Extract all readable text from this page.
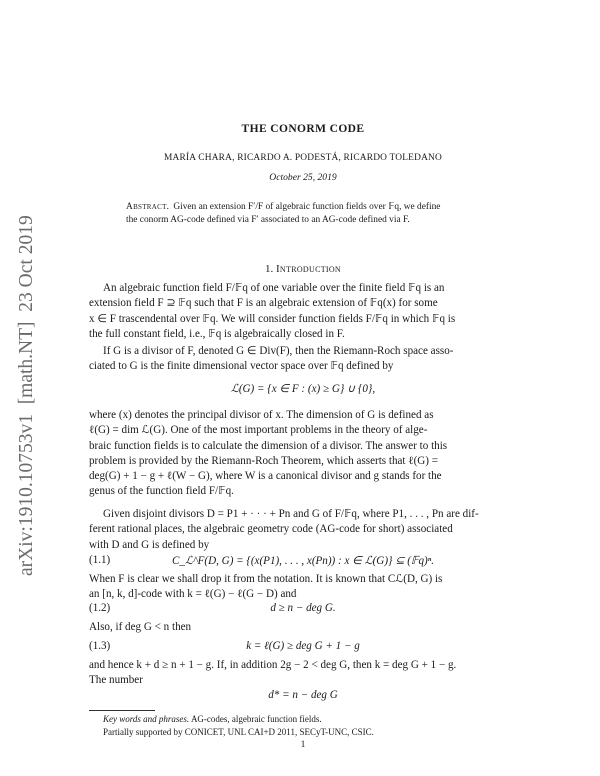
arXiv:1910.10753v1  [math.NT]  23 Oct 2019
THE CONORM CODE
MARÍA CHARA, RICARDO A. PODESTÁ, RICARDO TOLEDANO
October 25, 2019
Abstract. Given an extension F′/F of algebraic function fields over 𝔽q, we define
the conorm AG-code defined via F′ associated to an AG-code defined via F.
1. Introduction
An algebraic function field F/𝔽q of one variable over the finite field 𝔽q is an
extension field F ⊇ 𝔽q such that F is an algebraic extension of 𝔽q(x) for some
x ∈ F trascendental over 𝔽q. We will consider function fields F/𝔽q in which 𝔽q is
the full constant field, i.e., 𝔽q is algebraically closed in F.
If G is a divisor of F, denoted G ∈ Div(F), then the Riemann-Roch space asso-
ciated to G is the finite dimensional vector space over 𝔽q defined by
ℒ(G) = {x ∈ F : (x) ≥ G} ∪ {0},
where (x) denotes the principal divisor of x. The dimension of G is defined as
ℓ(G) = dim ℒ(G). One of the most important problems in the theory of alge-
braic function fields is to calculate the dimension of a divisor. The answer to this
problem is provided by the Riemann-Roch Theorem, which asserts that ℓ(G) =
deg(G) + 1 − g + ℓ(W − G), where W is a canonical divisor and g stands for the
genus of the function field F/𝔽q.
Given disjoint divisors D = P1 + · · · + Pn and G of F/𝔽q, where P1, . . . , Pn are dif-
ferent rational places, the algebraic geometry code (AG-code for short) associated
with D and G is defined by
(1.1)	C_ℒ^F(D, G) = {(x(P1), . . . , x(Pn)) : x ∈ ℒ(G)} ⊆ (𝔽q)ⁿ.
When F is clear we shall drop it from the notation. It is known that Cℒ(D, G) is
an [n, k, d]-code with k = ℓ(G) − ℓ(G − D) and
(1.2)	d ≥ n − deg G.
Also, if deg G < n then
(1.3)	k = ℓ(G) ≥ deg G + 1 − g
and hence k + d ≥ n + 1 − g. If, in addition 2g − 2 < deg G, then k = deg G + 1 − g.
The number
d* = n − deg G
Key words and phrases. AG-codes, algebraic function fields.
Partially supported by CONICET, UNL CAI+D 2011, SECyT-UNC, CSIC.
1
